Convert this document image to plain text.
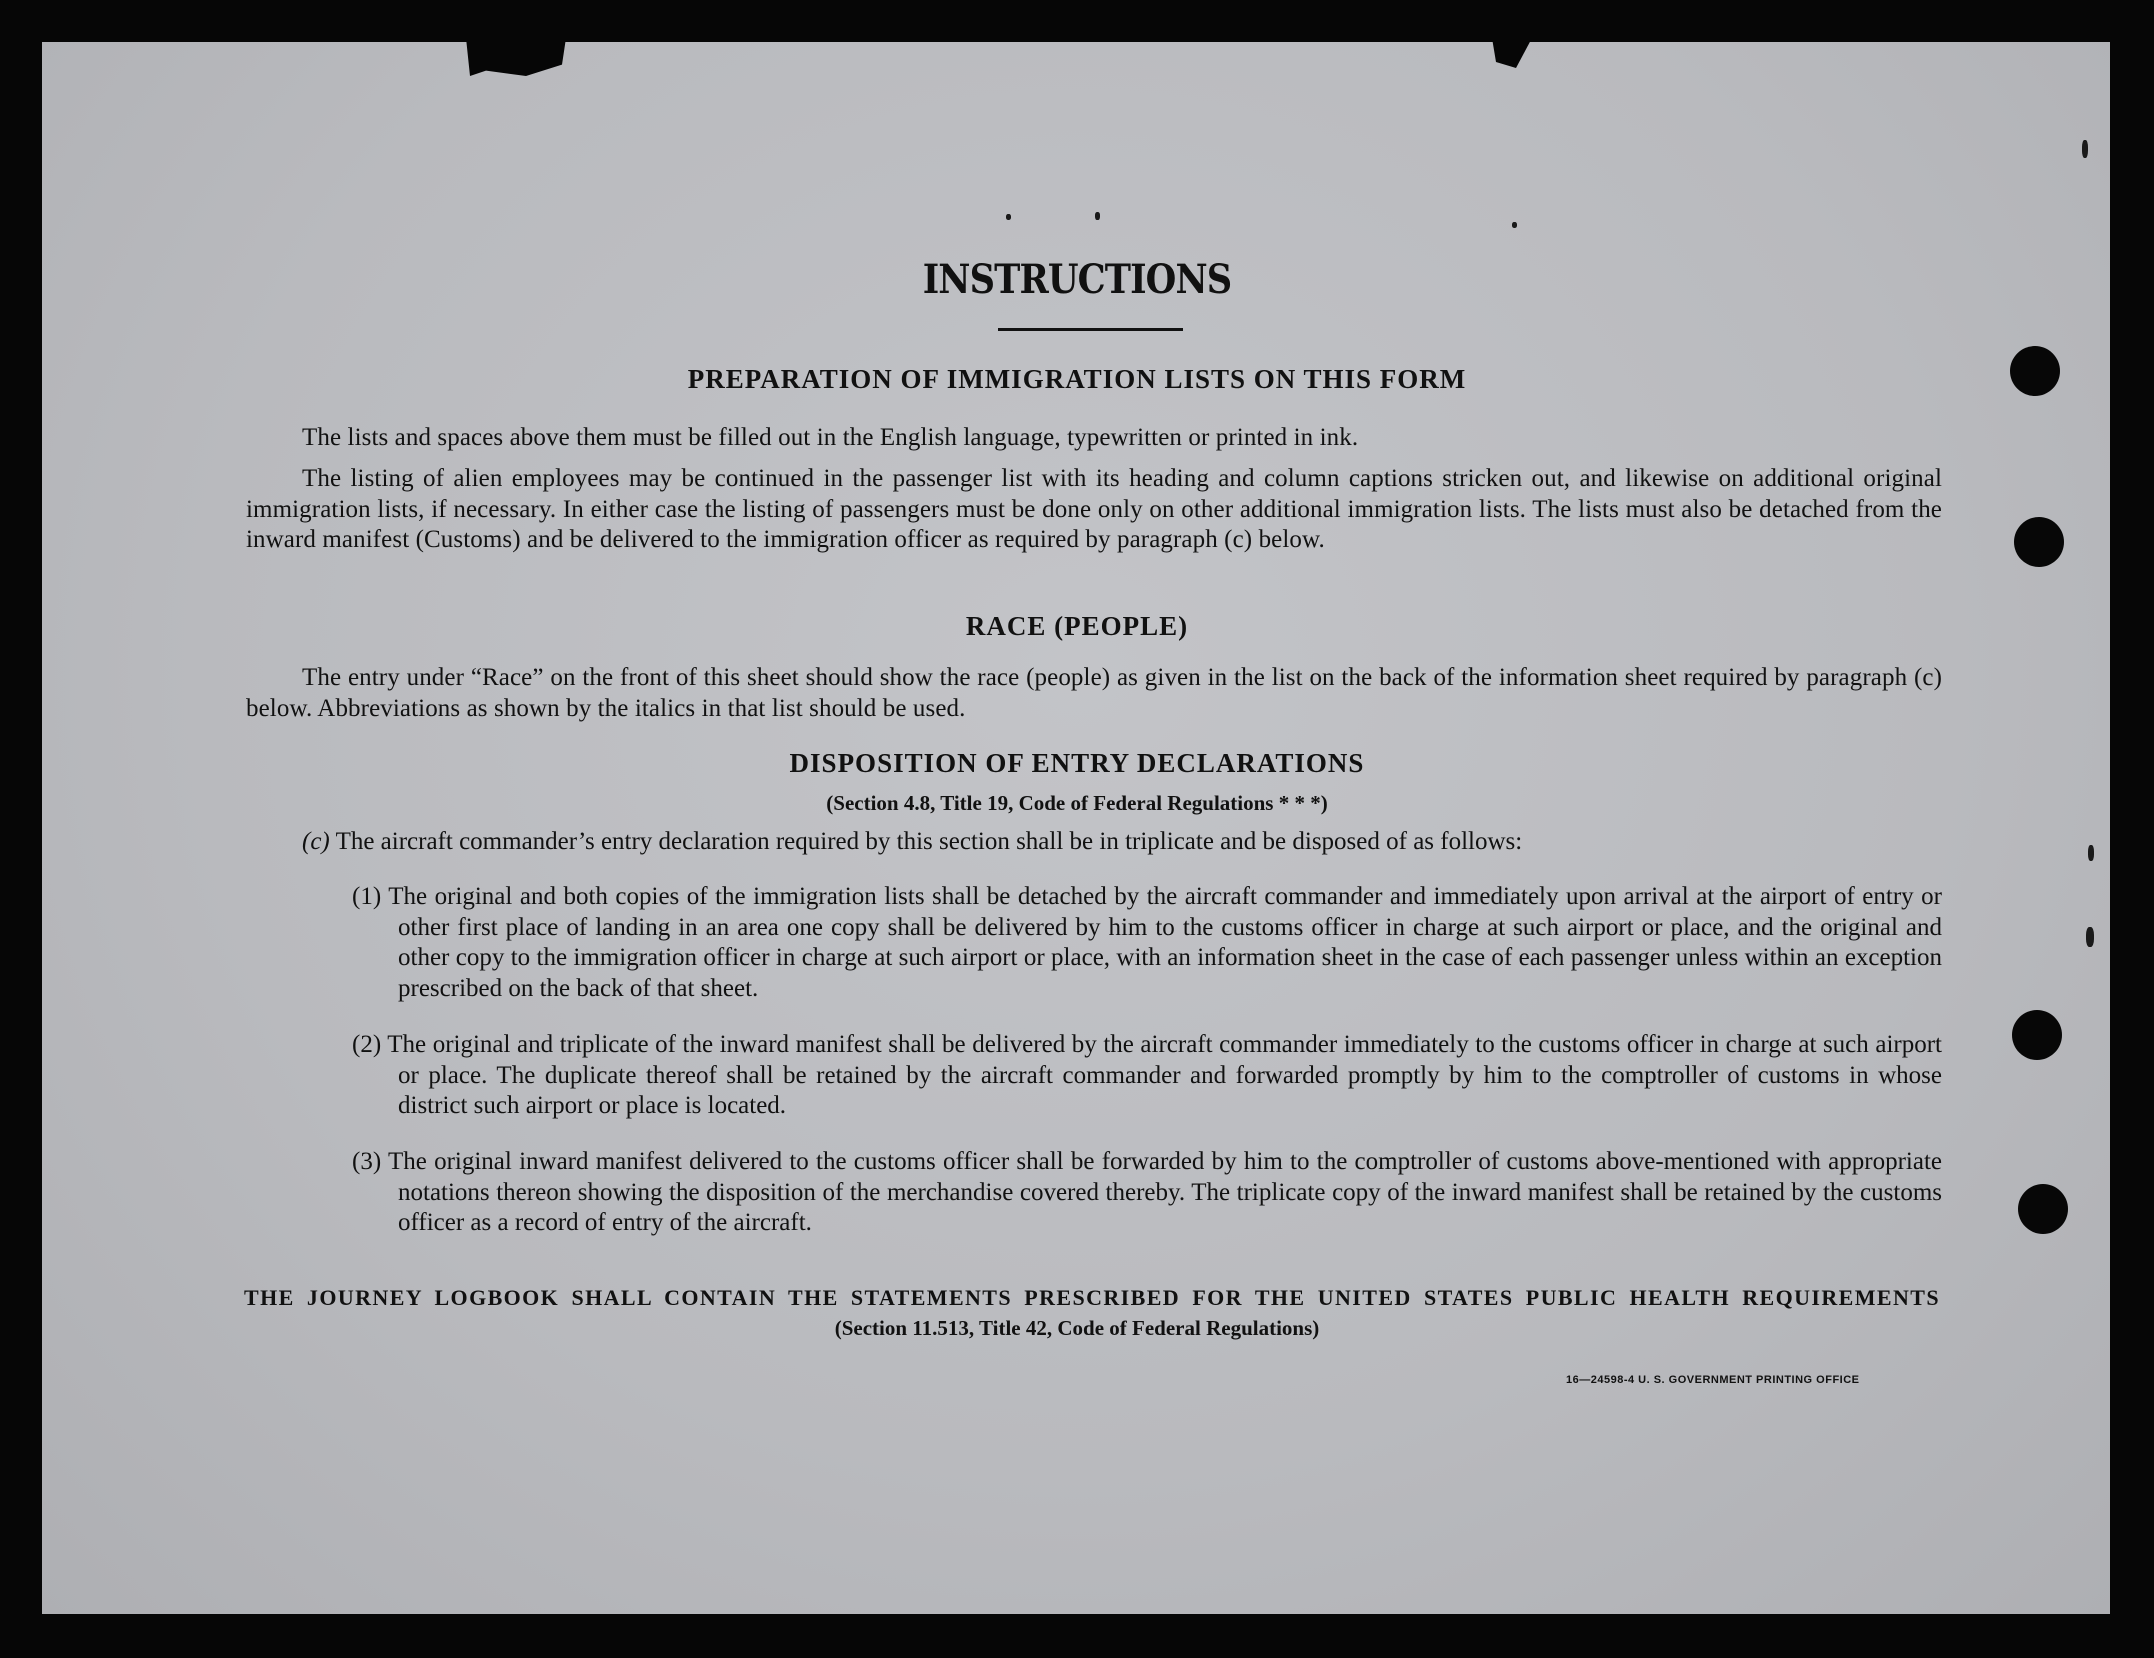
INSTRUCTIONS
PREPARATION OF IMMIGRATION LISTS ON THIS FORM
The lists and spaces above them must be filled out in the English language, typewritten or printed in ink.
The listing of alien employees may be continued in the passenger list with its heading and column captions stricken out, and likewise on additional original immigration lists, if necessary. In either case the listing of passengers must be done only on other additional immigration lists. The lists must also be detached from the inward manifest (Customs) and be delivered to the immigration officer as required by paragraph (c) below.
RACE (PEOPLE)
The entry under “Race” on the front of this sheet should show the race (people) as given in the list on the back of the information sheet required by paragraph (c) below. Abbreviations as shown by the italics in that list should be used.
DISPOSITION OF ENTRY DECLARATIONS
(Section 4.8, Title 19, Code of Federal Regulations * * *)
(c) The aircraft commander’s entry declaration required by this section shall be in triplicate and be disposed of as follows:
(1) The original and both copies of the immigration lists shall be detached by the aircraft commander and immediately upon arrival at the airport of entry or other first place of landing in an area one copy shall be delivered by him to the customs officer in charge at such airport or place, and the original and other copy to the immigration officer in charge at such airport or place, with an information sheet in the case of each passenger unless within an exception prescribed on the back of that sheet.
(2) The original and triplicate of the inward manifest shall be delivered by the aircraft commander immediately to the customs officer in charge at such airport or place. The duplicate thereof shall be retained by the aircraft commander and forwarded promptly by him to the comptroller of customs in whose district such airport or place is located.
(3) The original inward manifest delivered to the customs officer shall be forwarded by him to the comptroller of customs above-mentioned with appropriate notations thereon showing the disposition of the merchandise covered thereby. The triplicate copy of the inward manifest shall be retained by the customs officer as a record of entry of the aircraft.
THE JOURNEY LOGBOOK SHALL CONTAIN THE STATEMENTS PRESCRIBED FOR THE UNITED STATES PUBLIC HEALTH REQUIREMENTS
(Section 11.513, Title 42, Code of Federal Regulations)
16—24598-4 U. S. GOVERNMENT PRINTING OFFICE
